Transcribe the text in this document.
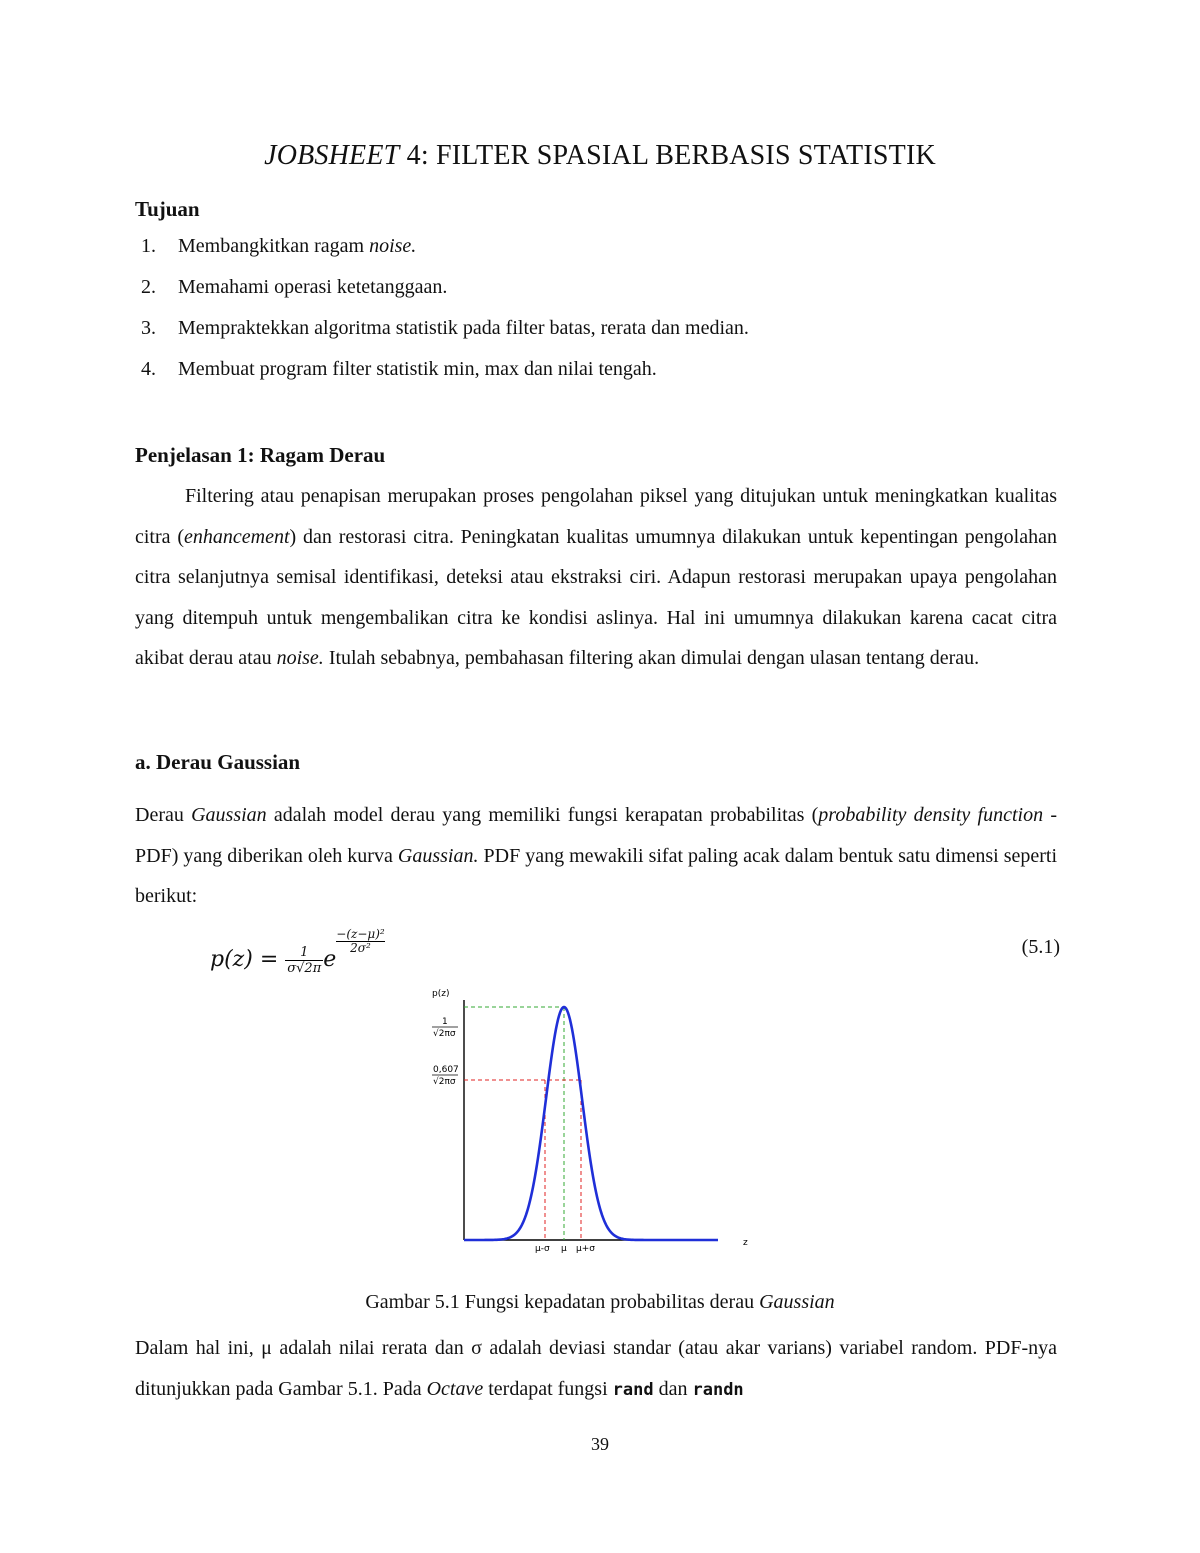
JOBSHEET 4: FILTER SPASIAL BERBASIS STATISTIK
Tujuan
1. Membangkitkan ragam noise.
2. Memahami operasi ketetanggaan.
3. Mempraktekkan algoritma statistik pada filter batas, rerata dan median.
4. Membuat program filter statistik min, max dan nilai tengah.
Penjelasan 1: Ragam Derau
Filtering atau penapisan merupakan proses pengolahan piksel yang ditujukan untuk meningkatkan kualitas citra (enhancement) dan restorasi citra. Peningkatan kualitas umumnya dilakukan untuk kepentingan pengolahan citra selanjutnya semisal identifikasi, deteksi atau ekstraksi ciri. Adapun restorasi merupakan upaya pengolahan yang ditempuh untuk mengembalikan citra ke kondisi aslinya. Hal ini umumnya dilakukan karena cacat citra akibat derau atau noise. Itulah sebabnya, pembahasan filtering akan dimulai dengan ulasan tentang derau.
a. Derau Gaussian
Derau Gaussian adalah model derau yang memiliki fungsi kerapatan probabilitas (probability density function - PDF) yang diberikan oleh kurva Gaussian. PDF yang mewakili sifat paling acak dalam bentuk satu dimensi seperti berikut:
$p(z) = \frac{1}{\sigma√2\pi}$ e
$^{\frac{\text{−(z−μ)²}}{\text{2σ²}}}$	(5.1)
p(z)
1
√2πσ
0,607
√2πσ
μ-σ μ μ+σ
z
Gambar 5.1 Fungsi kepadatan probabilitas derau Gaussian
Dalam hal ini, μ adalah nilai rerata dan σ adalah deviasi standar (atau akar varians) variabel random. PDF-nya ditunjukkan pada Gambar 5.1. Pada Octave terdapat fungsi rand dan randn
39
